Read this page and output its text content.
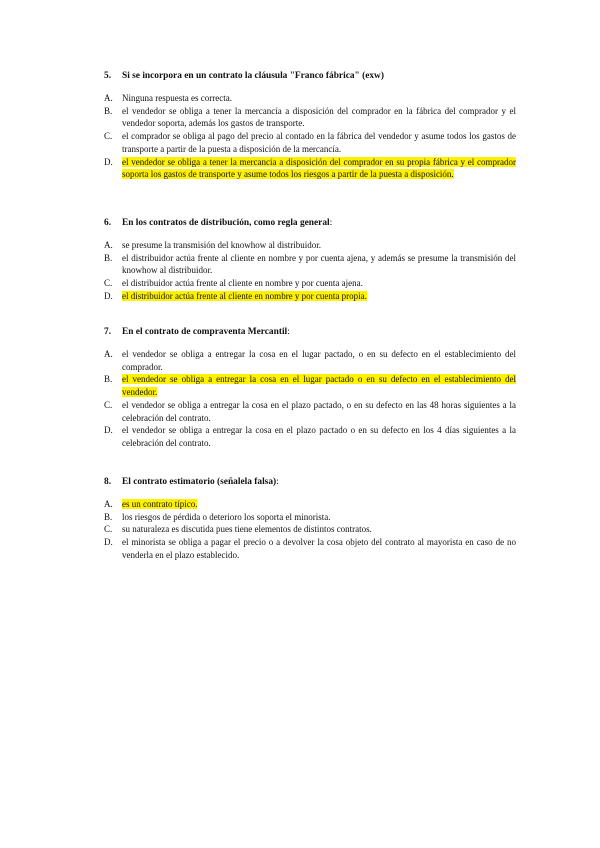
5. Si se incorpora en un contrato la cláusula "Franco fábrica" (exw)
A. Ninguna respuesta es correcta.
B. el vendedor se obliga a tener la mercancía a disposición del comprador en la fábrica del comprador y el vendedor soporta, además los gastos de transporte.
C. el comprador se obliga al pago del precio al contado en la fábrica del vendedor y asume todos los gastos de transporte a partir de la puesta a disposición de la mercancía.
D. el vendedor se obliga a tener la mercancía a disposición del comprador en su propia fábrica y el comprador soporta los gastos de transporte y asume todos los riesgos a partir de la puesta a disposición.
6. En los contratos de distribución, como regla general:
A. se presume la transmisión del knowhow al distribuidor.
B. el distribuidor actúa frente al cliente en nombre y por cuenta ajena, y además se presume la transmisión del knowhow al distribuidor.
C. el distribuidor actúa frente al cliente en nombre y por cuenta ajena.
D. el distribuidor actúa frente al cliente en nombre y por cuenta propia.
7. En el contrato de compraventa Mercantil:
A. el vendedor se obliga a entregar la cosa en el lugar pactado, o en su defecto en el establecimiento del comprador.
B. el vendedor se obliga a entregar la cosa en el lugar pactado o en su defecto en el establecimiento del vendedor.
C. el vendedor se obliga a entregar la cosa en el plazo pactado, o en su defecto en las 48 horas siguientes a la celebración del contrato.
D. el vendedor se obliga a entregar la cosa en el plazo pactado o en su defecto en los 4 días siguientes a la celebración del contrato.
8. El contrato estimatorio (señalela falsa):
A. es un contrato típico.
B. los riesgos de pérdida o deterioro los soporta el minorista.
C. su naturaleza es discutida pues tiene elementos de distintos contratos.
D. el minorista se obliga a pagar el precio o a devolver la cosa objeto del contrato al mayorista en caso de no venderla en el plazo establecido.
